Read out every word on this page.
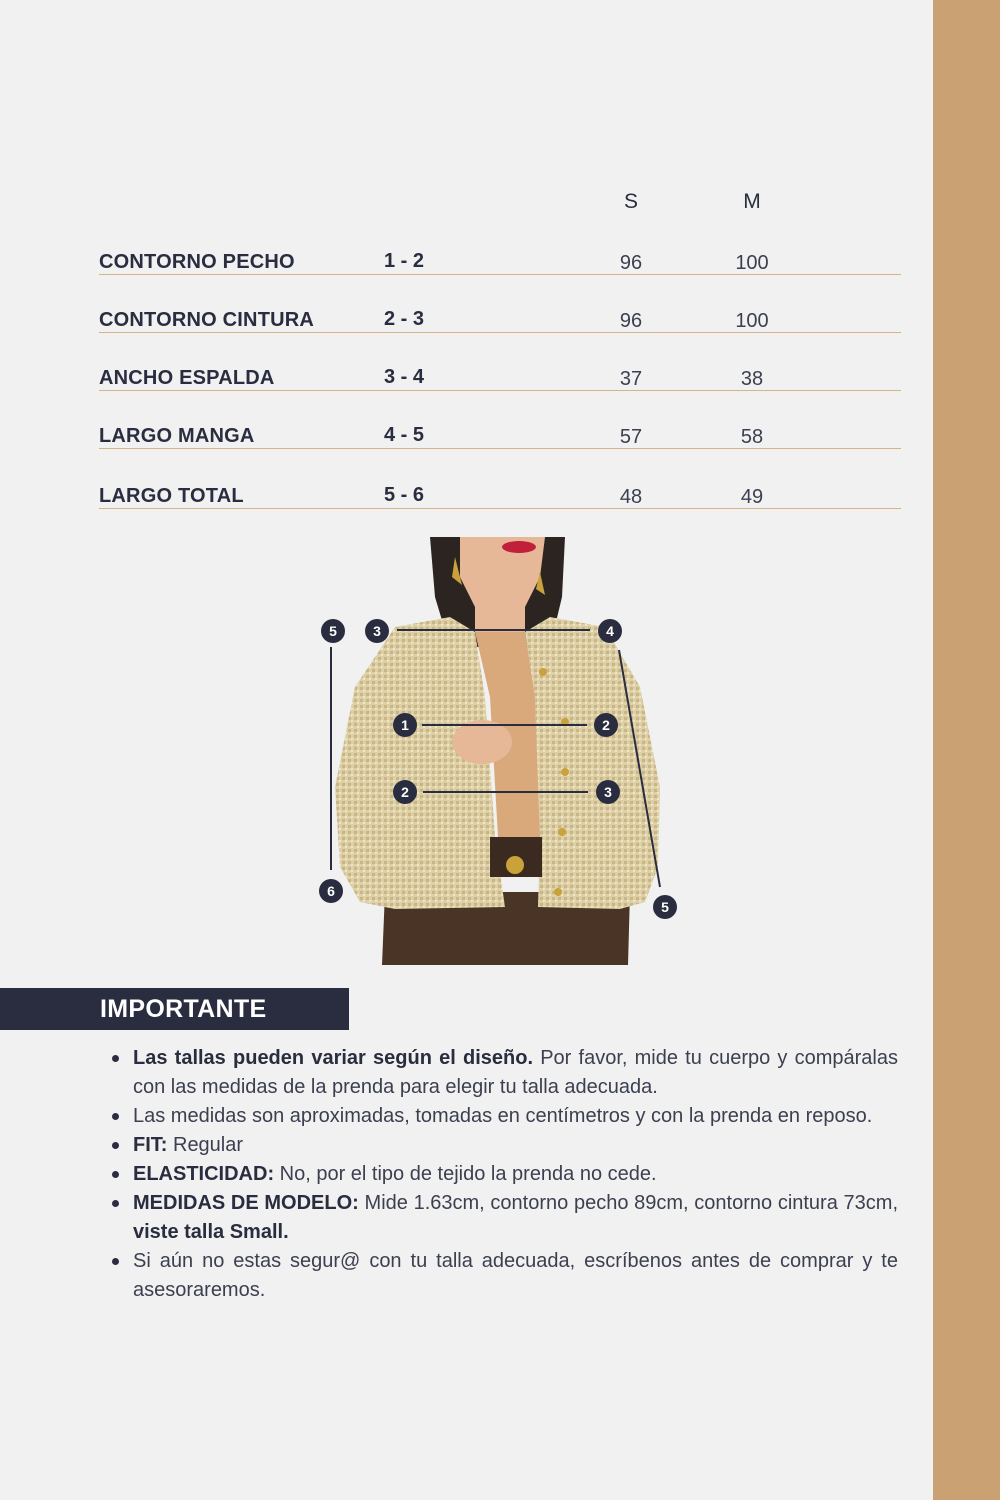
S	M
CONTORNO PECHO	1 - 2	96	100
CONTORNO CINTURA	2 - 3	96	100
ANCHO ESPALDA	3 - 4	37	38
LARGO MANGA	4 - 5	57	58
LARGO TOTAL	5 - 6	48	49
5	3	4
1	2
2	3
6
5
IMPORTANTE
Las tallas pueden variar según el diseño. Por favor, mide tu cuerpo y compáralas con las medidas de la prenda para elegir tu talla adecuada.
Las medidas son aproximadas, tomadas en centímetros y con la prenda en reposo.
FIT: Regular
ELASTICIDAD: No, por el tipo de tejido la prenda no cede.
MEDIDAS DE MODELO: Mide 1.63cm, contorno pecho 89cm, contorno cintura 73cm, viste talla Small.
Si aún no estas segur@ con tu talla adecuada, escríbenos antes de comprar y te asesoraremos.
